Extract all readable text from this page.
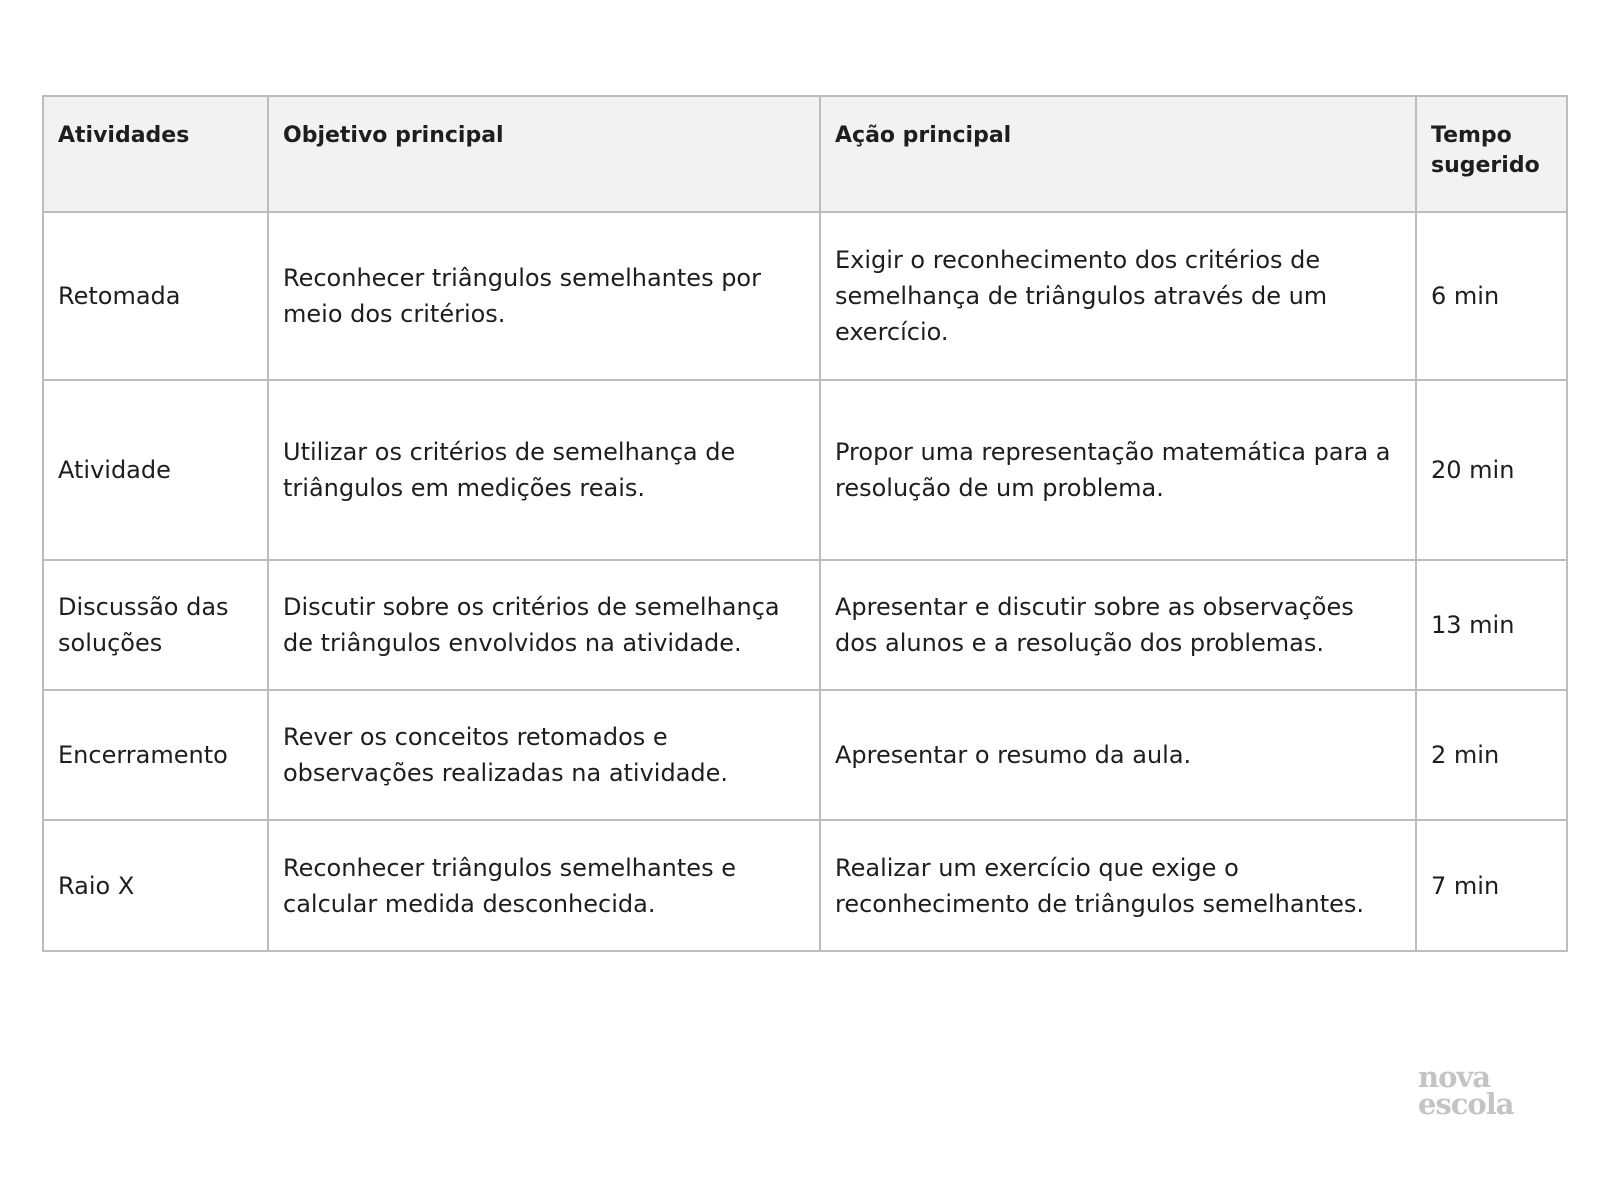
Atividades	Objetivo principal	Ação principal	Tempo sugerido
Retomada	Reconhecer triângulos semelhantes por meio dos critérios.	Exigir o reconhecimento dos critérios de semelhança de triângulos através de um exercício.	6 min
Atividade	Utilizar os critérios de semelhança de triângulos em medições reais.	Propor uma representação matemática para a resolução de um problema.	20 min
Discussão das soluções	Discutir sobre os critérios de semelhança de triângulos envolvidos na atividade.	Apresentar e discutir sobre as observações dos alunos e a resolução dos problemas.	13 min
Encerramento	Rever os conceitos retomados e observações realizadas na atividade.	Apresentar o resumo da aula.	2 min
Raio X	Reconhecer triângulos semelhantes e calcular medida desconhecida.	Realizar um exercício que exige o reconhecimento de triângulos semelhantes.	7 min
nova
escola
